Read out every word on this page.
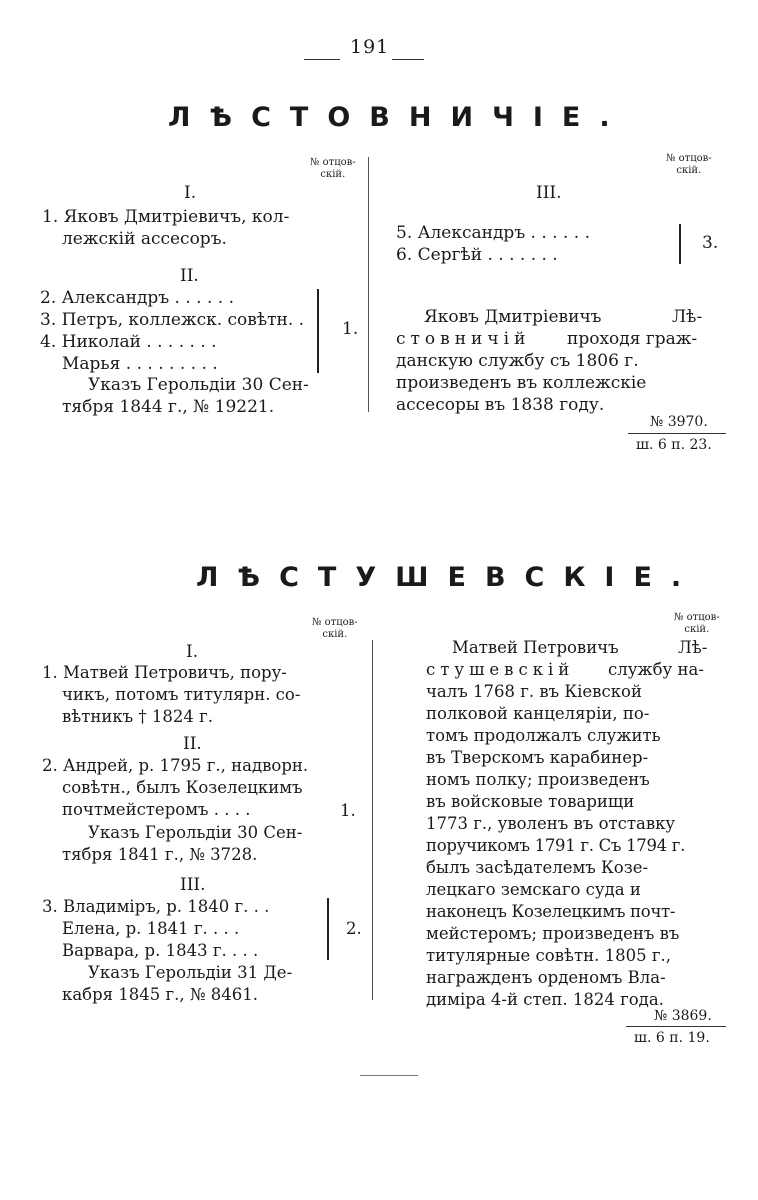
191
ЛѢСТОВНИЧІЕ.
№ отцов-
скій.
I.
1. Яковъ Дмитріевичъ, кол-
лежскій ассесоръ.
II.
2. Александръ . . . . . .
3. Петръ, коллежск. совѣтн. .
4. Николай . . . . . . .
Марья . . . . . . . . .
1.
Указъ Герольдіи 30 Сен-
тября 1844 г., № 19221.
№ отцов-
скій.
III.
5. Александръ . . . . . .
6. Сергѣй . . . . . . .
3.
Яковъ Дмитріевичъ	Лѣ-
стовничій проходя граж-
данскую службу съ 1806 г.
произведенъ въ коллежскіе
ассесоры въ 1838 году.
№ 3970.
ш. 6 п. 23.
ЛѢСТУШЕВСКІЕ.
№ отцов-
скій.
I.
1. Матвей Петровичъ, пору-
чикъ, потомъ титулярн. со-
вѣтникъ † 1824 г.
II.
2. Андрей, р. 1795 г., надворн.
совѣтн., былъ Козелецкимъ
почтмейстеромъ . . . .	1.
Указъ Герольдіи 30 Сен-
тября 1841 г., № 3728.
III.
3. Владиміръ, р. 1840 г. . .
Елена, р. 1841 г. . . .
Варвара, р. 1843 г. . . .
2.
Указъ Герольдіи 31 Де-
кабря 1845 г., № 8461.
№ отцов-
скій.
Матвей Петровичъ	Лѣ-
стушевскій службу на-
чалъ 1768 г. въ Кіевской
полковой канцеляріи, по-
томъ продолжалъ служить
въ Тверскомъ карабинер-
номъ полку; произведенъ
въ войсковые товарищи
1773 г., уволенъ въ отставку
поручикомъ 1791 г. Съ 1794 г.
былъ засѣдателемъ Козе-
лецкаго земскаго суда и
наконецъ Козелецкимъ почт-
мейстеромъ; произведенъ въ
титулярные совѣтн. 1805 г.,
награжденъ орденомъ Вла-
диміра 4-й степ. 1824 года.
№ 3869.
ш. 6 п. 19.
